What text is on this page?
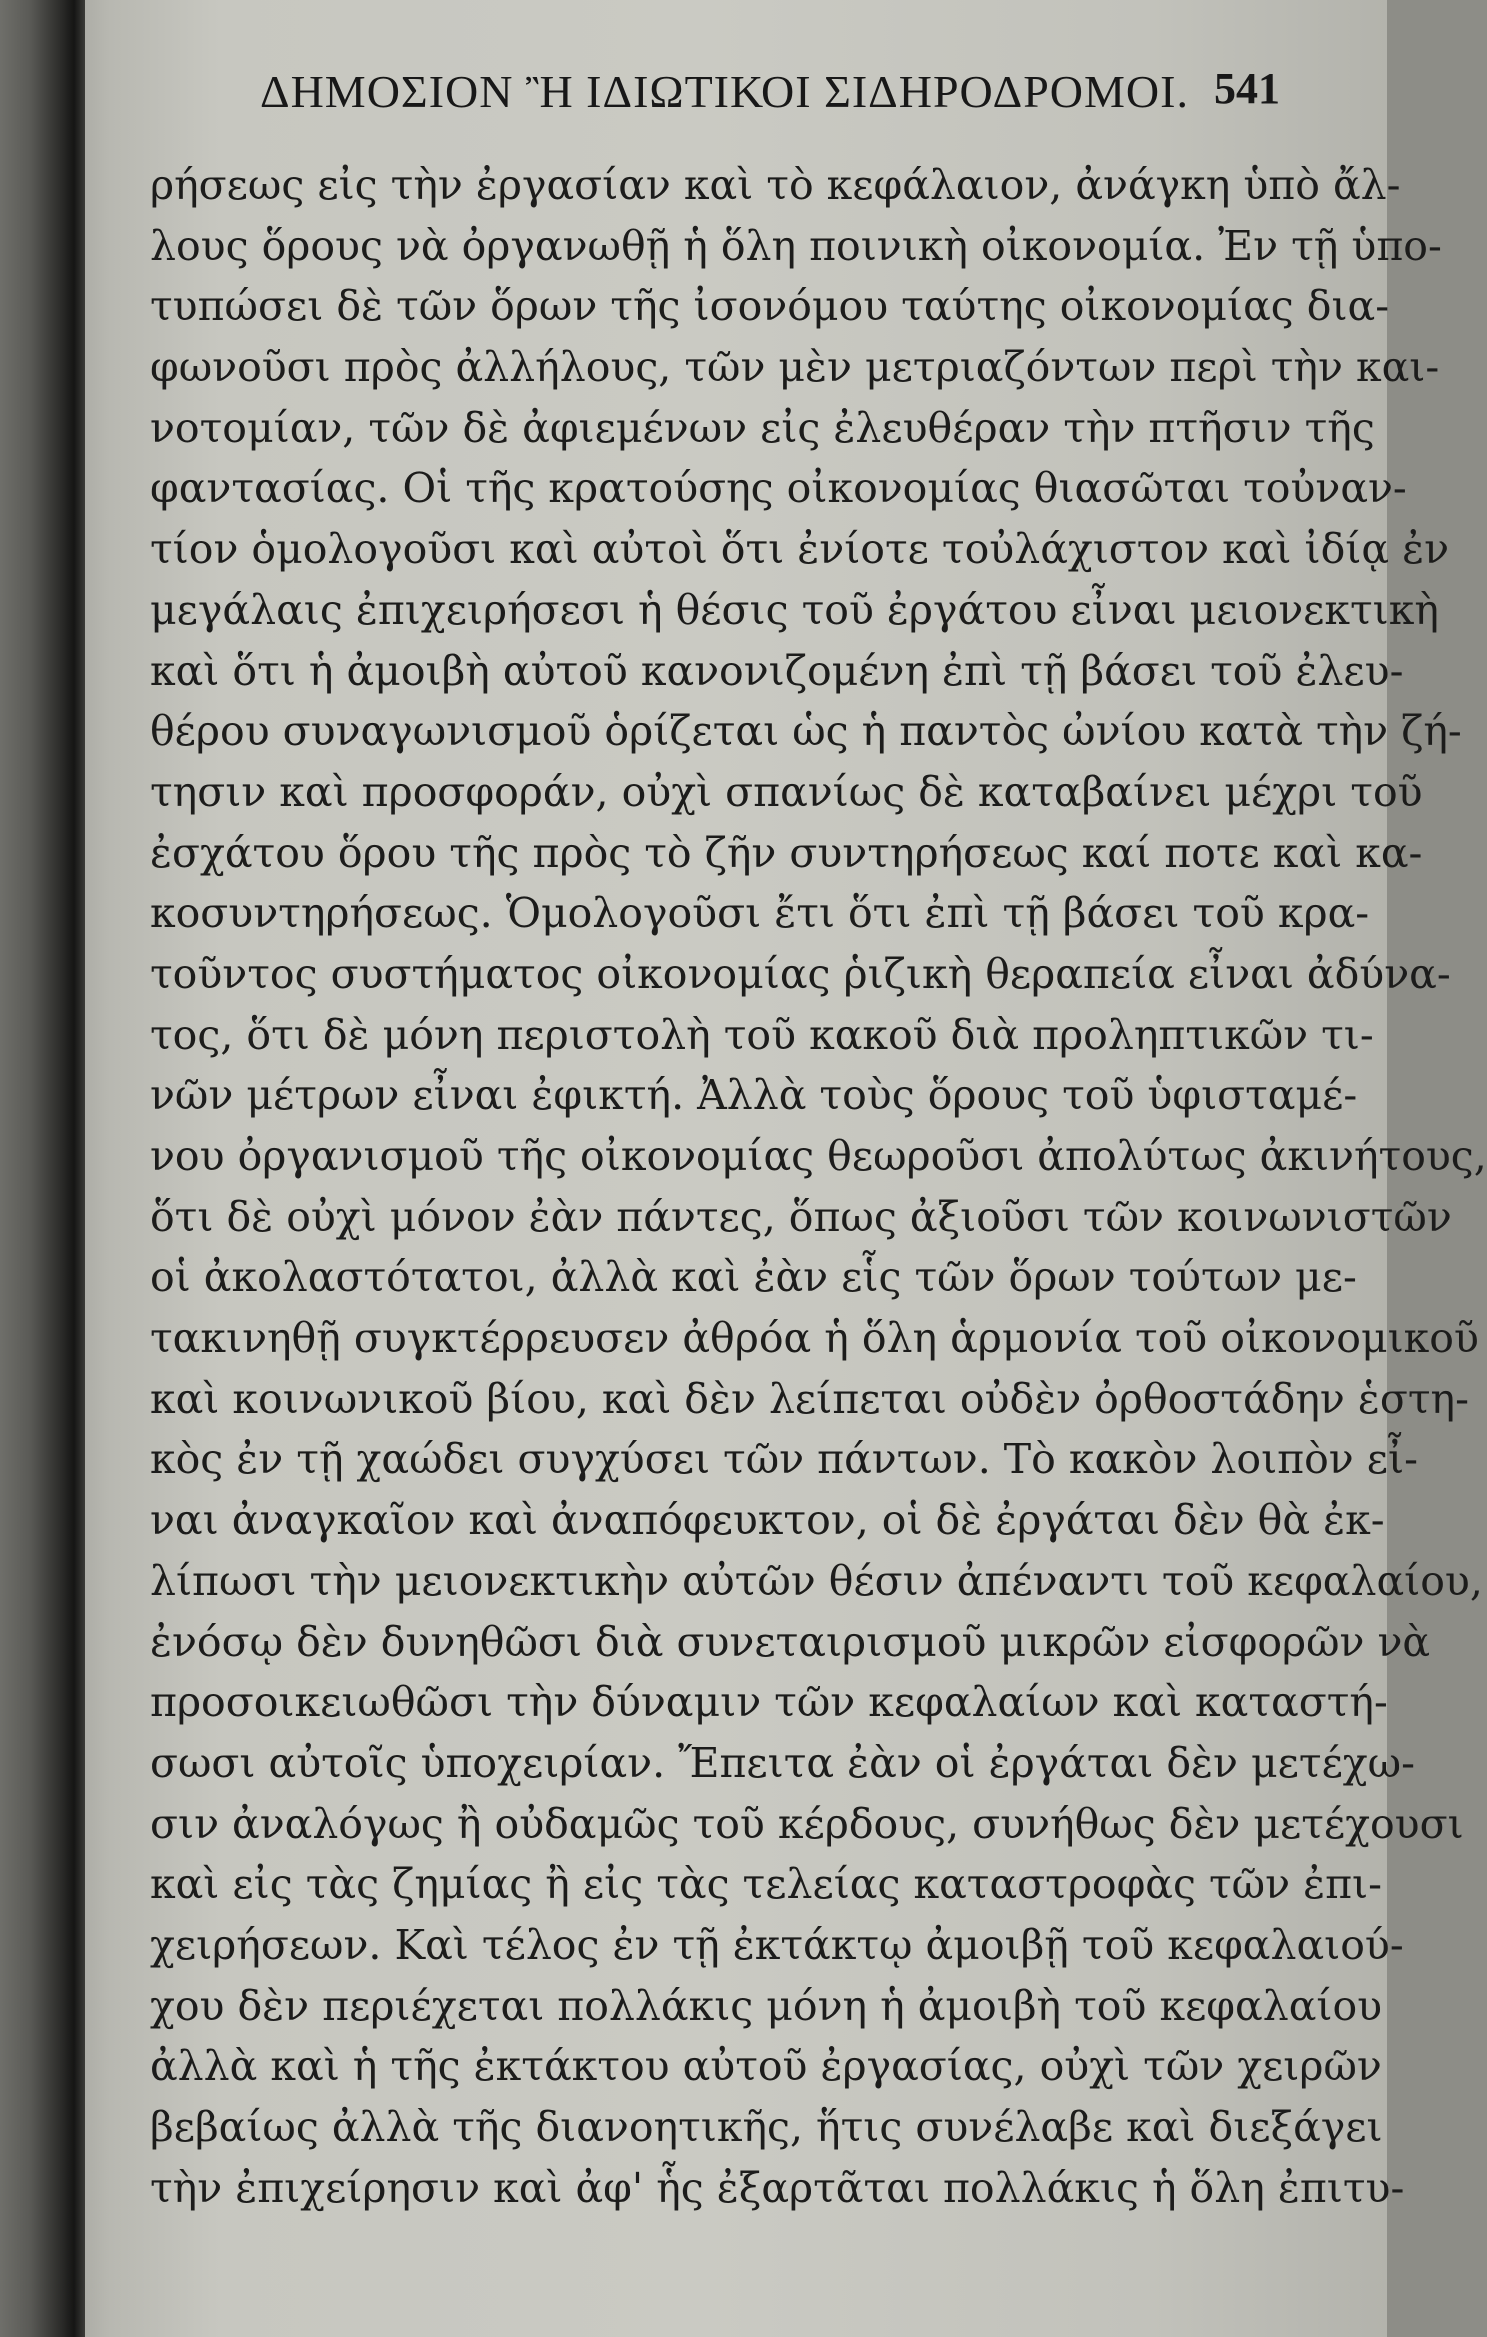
ΔΗΜΟΣΙΟΝ Ἢ ΙΔΙΩΤΙΚΟΙ ΣΙΔΗΡΟΔΡΟΜΟΙ. 541
ρήσεως εἰς τὴν ἐργασίαν καὶ τὸ κεφάλαιον, ἀνάγκη ὑπὸ ἄλ-
λους ὅρους νὰ ὀργανωθῇ ἡ ὅλη ποινικὴ οἰκονομία. Ἐν τῇ ὑπο-
τυπώσει δὲ τῶν ὅρων τῆς ἰσονόμου ταύτης οἰκονομίας δια-
φωνοῦσι πρὸς ἀλλήλους, τῶν μὲν μετριαζόντων περὶ τὴν και-
νοτομίαν, τῶν δὲ ἀφιεμένων εἰς ἐλευθέραν τὴν πτῆσιν τῆς
φαντασίας. Οἱ τῆς κρατούσης οἰκονομίας θιασῶται τοὐναν-
τίον ὁμολογοῦσι καὶ αὐτοὶ ὅτι ἐνίοτε τοὐλάχιστον καὶ ἰδίᾳ ἐν
μεγάλαις ἐπιχειρήσεσι ἡ θέσις τοῦ ἐργάτου εἶναι μειονεκτικὴ
καὶ ὅτι ἡ ἀμοιβὴ αὐτοῦ κανονιζομένη ἐπὶ τῇ βάσει τοῦ ἐλευ-
θέρου συναγωνισμοῦ ὁρίζεται ὡς ἡ παντὸς ὠνίου κατὰ τὴν ζή-
τησιν καὶ προσφοράν, οὐχὶ σπανίως δὲ καταβαίνει μέχρι τοῦ
ἐσχάτου ὅρου τῆς πρὸς τὸ ζῆν συντηρήσεως καί ποτε καὶ κα-
κοσυντηρήσεως. Ὁμολογοῦσι ἔτι ὅτι ἐπὶ τῇ βάσει τοῦ κρα-
τοῦντος συστήματος οἰκονομίας ῥιζικὴ θεραπεία εἶναι ἀδύνα-
τος, ὅτι δὲ μόνη περιστολὴ τοῦ κακοῦ διὰ προληπτικῶν τι-
νῶν μέτρων εἶναι ἐφικτή. Ἀλλὰ τοὺς ὅρους τοῦ ὑφισταμέ-
νου ὀργανισμοῦ τῆς οἰκονομίας θεωροῦσι ἀπολύτως ἀκινήτους,
ὅτι δὲ οὐχὶ μόνον ἐὰν πάντες, ὅπως ἀξιοῦσι τῶν κοινωνιστῶν
οἱ ἀκολαστότατοι, ἀλλὰ καὶ ἐὰν εἷς τῶν ὅρων τούτων με-
τακινηθῇ συγκτέρρευσεν ἀθρόα ἡ ὅλη ἁρμονία τοῦ οἰκονομικοῦ
καὶ κοινωνικοῦ βίου, καὶ δὲν λείπεται οὐδὲν ὀρθοστάδην ἑστη-
κὸς ἐν τῇ χαώδει συγχύσει τῶν πάντων. Τὸ κακὸν λοιπὸν εἶ-
ναι ἀναγκαῖον καὶ ἀναπόφευκτον, οἱ δὲ ἐργάται δὲν θὰ ἐκ-
λίπωσι τὴν μειονεκτικὴν αὐτῶν θέσιν ἀπέναντι τοῦ κεφαλαίου,
ἐνόσῳ δὲν δυνηθῶσι διὰ συνεταιρισμοῦ μικρῶν εἰσφορῶν νὰ
προσοικειωθῶσι τὴν δύναμιν τῶν κεφαλαίων καὶ καταστή-
σωσι αὐτοῖς ὑποχειρίαν. Ἔπειτα ἐὰν οἱ ἐργάται δὲν μετέχω-
σιν ἀναλόγως ἢ οὐδαμῶς τοῦ κέρδους, συνήθως δὲν μετέχουσι
καὶ εἰς τὰς ζημίας ἢ εἰς τὰς τελείας καταστροφὰς τῶν ἐπι-
χειρήσεων. Καὶ τέλος ἐν τῇ ἐκτάκτῳ ἀμοιβῇ τοῦ κεφαλαιού-
χου δὲν περιέχεται πολλάκις μόνη ἡ ἀμοιβὴ τοῦ κεφαλαίου
ἀλλὰ καὶ ἡ τῆς ἐκτάκτου αὐτοῦ ἐργασίας, οὐχὶ τῶν χειρῶν
βεβαίως ἀλλὰ τῆς διανοητικῆς, ἥτις συνέλαβε καὶ διεξάγει
τὴν ἐπιχείρησιν καὶ ἀφ' ἧς ἐξαρτᾶται πολλάκις ἡ ὅλη ἐπιτυ-
